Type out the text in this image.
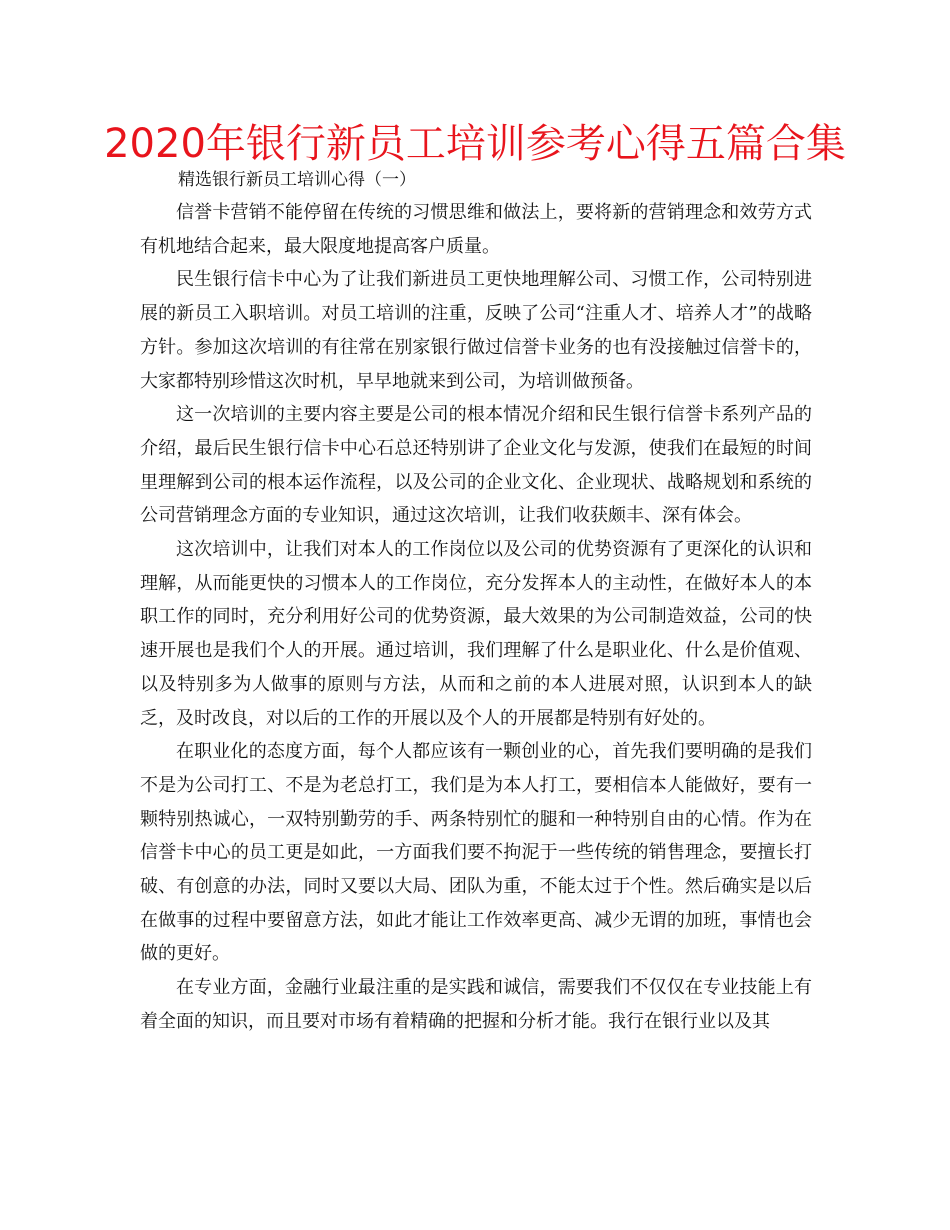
2020年银行新员工培训参考心得五篇合集
精选银行新员工培训心得（一）

信誉卡营销不能停留在传统的习惯思维和做法上，要将新的营销理念和效劳方式有机地结合起来，最大限度地提高客户质量。

民生银行信卡中心为了让我们新进员工更快地理解公司、习惯工作，公司特别进展的新员工入职培训。对员工培训的注重，反映了公司“注重人才、培养人才”的战略方针。参加这次培训的有往常在别家银行做过信誉卡业务的也有没接触过信誉卡的，大家都特别珍惜这次时机，早早地就来到公司，为培训做预备。

这一次培训的主要内容主要是公司的根本情况介绍和民生银行信誉卡系列产品的介绍，最后民生银行信卡中心石总还特别讲了企业文化与发源，使我们在最短的时间里理解到公司的根本运作流程，以及公司的企业文化、企业现状、战略规划和系统的公司营销理念方面的专业知识，通过这次培训，让我们收获颇丰、深有体会。

这次培训中，让我们对本人的工作岗位以及公司的优势资源有了更深化的认识和理解，从而能更快的习惯本人的工作岗位，充分发挥本人的主动性，在做好本人的本职工作的同时，充分利用好公司的优势资源，最大效果的为公司制造效益，公司的快速开展也是我们个人的开展。通过培训，我们理解了什么是职业化、什么是价值观、以及特别多为人做事的原则与方法，从而和之前的本人进展对照，认识到本人的缺乏，及时改良，对以后的工作的开展以及个人的开展都是特别有好处的。

在职业化的态度方面，每个人都应该有一颗创业的心，首先我们要明确的是我们不是为公司打工、不是为老总打工，我们是为本人打工，要相信本人能做好，要有一颗特别热诚心，一双特别勤劳的手、两条特别忙的腿和一种特别自由的心情。作为在信誉卡中心的员工更是如此，一方面我们要不拘泥于一些传统的销售理念，要擅长打破、有创意的办法，同时又要以大局、团队为重，不能太过于个性。然后确实是以后在做事的过程中要留意方法，如此才能让工作效率更高、减少无谓的加班，事情也会做的更好。

在专业方面，金融行业最注重的是实践和诚信，需要我们不仅仅在专业技能上有着全面的知识，而且要对市场有着精确的把握和分析才能。我行在银行业以及其
